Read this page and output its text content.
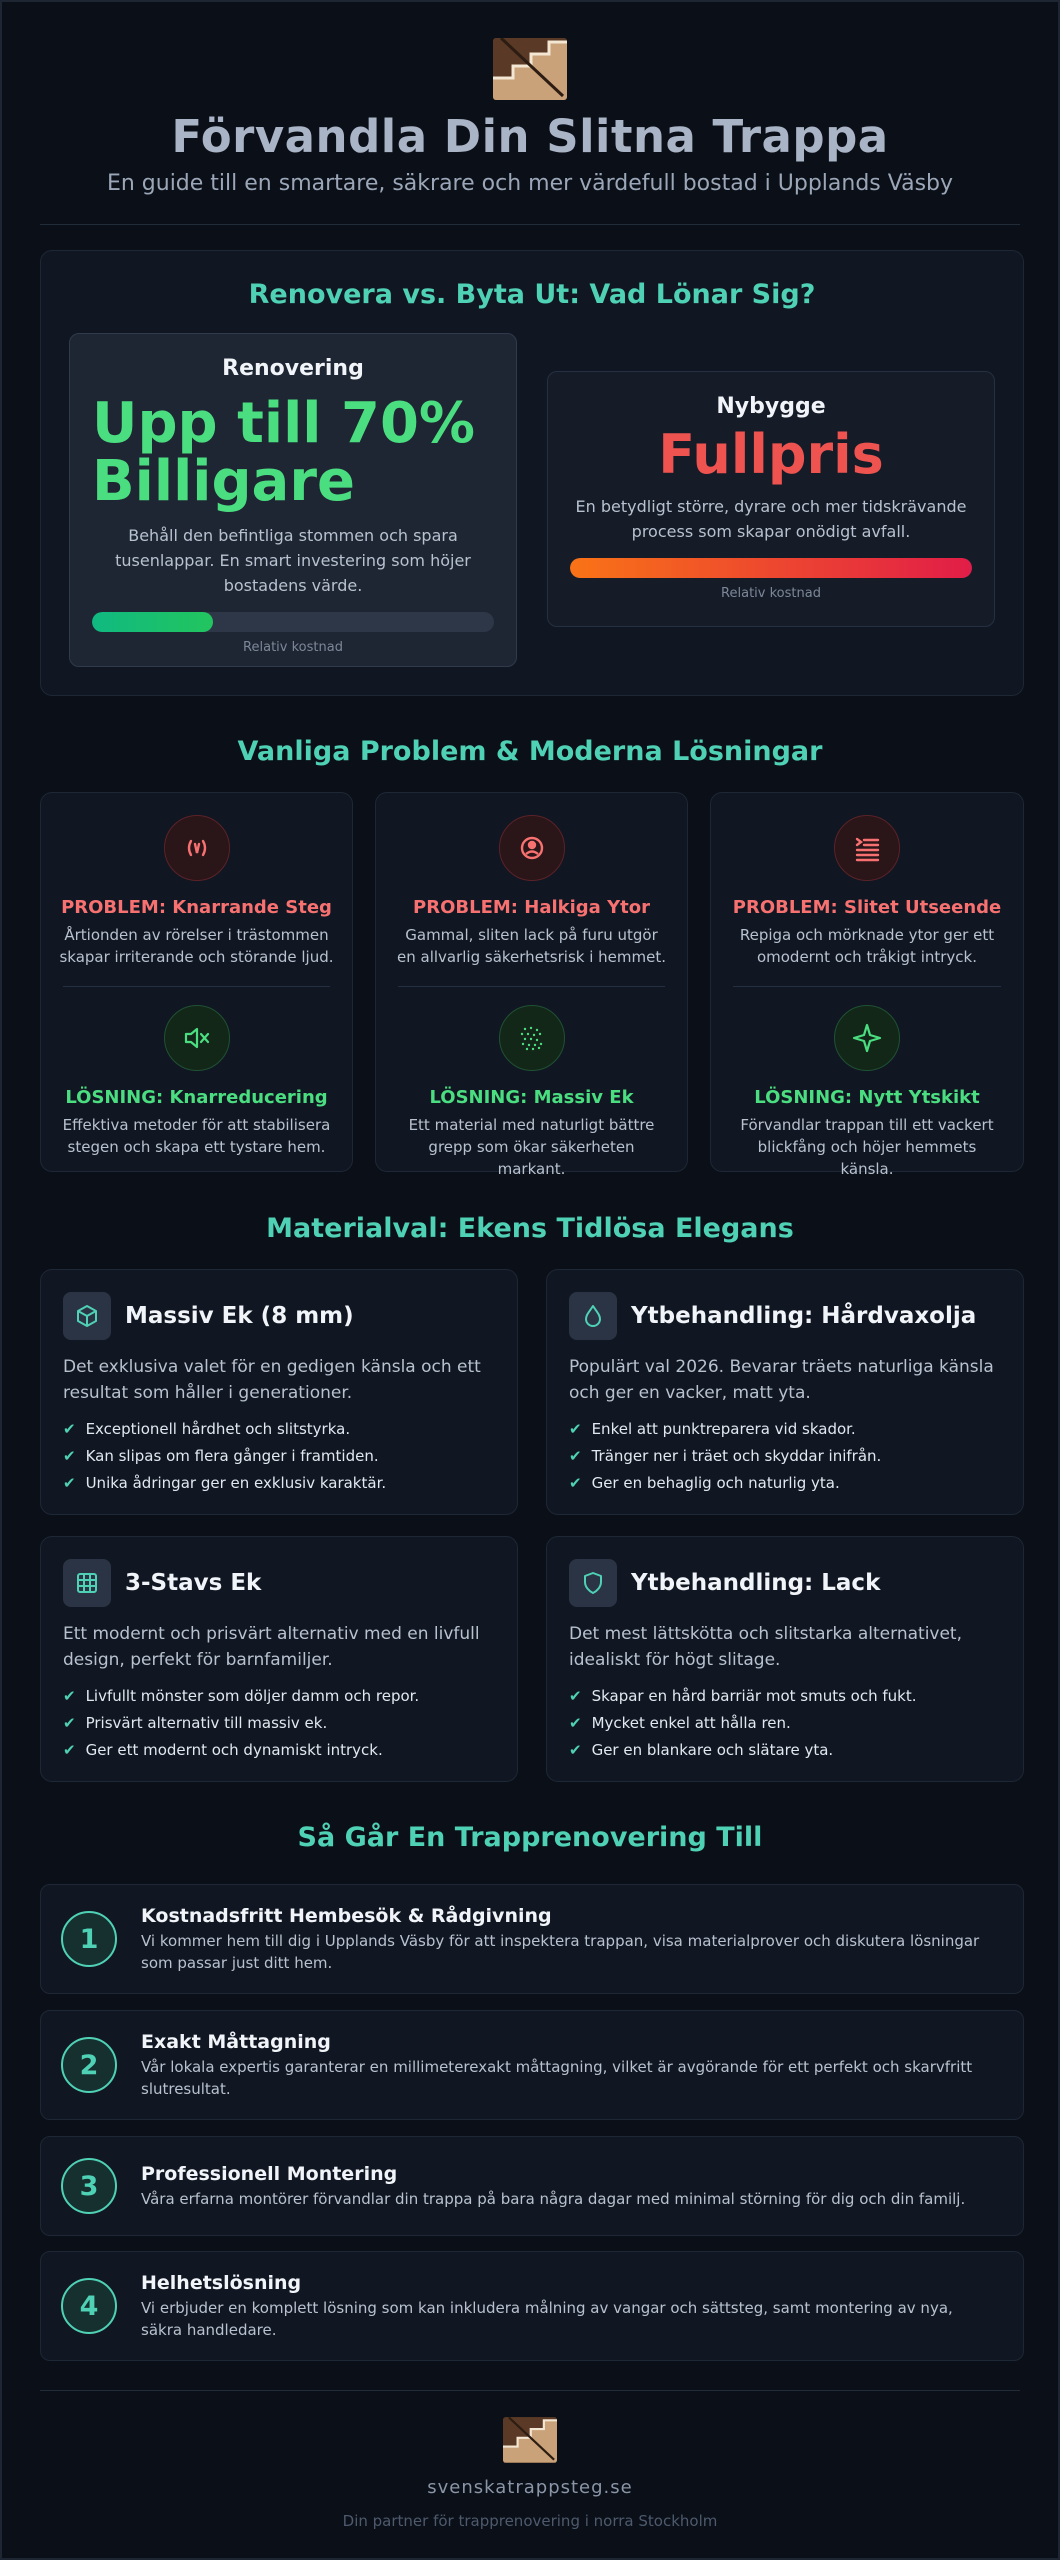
Förvandla Din Slitna Trappa
En guide till en smartare, säkrare och mer värdefull bostad i Upplands Väsby
Renovera vs. Byta Ut: Vad Lönar Sig?
Renovering
Upp till 70%
Billigare
Behåll den befintliga stommen och spara tusenlappar. En smart investering som höjer bostadens värde.
Relativ kostnad
Nybygge
Fullpris
En betydligt större, dyrare och mer tidskrävande process som skapar onödigt avfall.
Relativ kostnad
Vanliga Problem & Moderna Lösningar
PROBLEM: Knarrande Steg
Årtionden av rörelser i trästommen skapar irriterande och störande ljud.
LÖSNING: Knarreducering
Effektiva metoder för att stabilisera stegen och skapa ett tystare hem.
PROBLEM: Halkiga Ytor
Gammal, sliten lack på furu utgör en allvarlig säkerhetsrisk i hemmet.
LÖSNING: Massiv Ek
Ett material med naturligt bättre grepp som ökar säkerheten markant.
PROBLEM: Slitet Utseende
Repiga och mörknade ytor ger ett omodernt och tråkigt intryck.
LÖSNING: Nytt Ytskikt
Förvandlar trappan till ett vackert blickfång och höjer hemmets känsla.
Materialval: Ekens Tidlösa Elegans
Massiv Ek (8 mm)
Det exklusiva valet för en gedigen känsla och ett resultat som håller i generationer.
✔ Exceptionell hårdhet och slitstyrka.
✔ Kan slipas om flera gånger i framtiden.
✔ Unika ådringar ger en exklusiv karaktär.
Ytbehandling: Hårdvaxolja
Populärt val 2026. Bevarar träets naturliga känsla och ger en vacker, matt yta.
✔ Enkel att punktreparera vid skador.
✔ Tränger ner i träet och skyddar inifrån.
✔ Ger en behaglig och naturlig yta.
3-Stavs Ek
Ett modernt och prisvärt alternativ med en livfull design, perfekt för barnfamiljer.
✔ Livfullt mönster som döljer damm och repor.
✔ Prisvärt alternativ till massiv ek.
✔ Ger ett modernt och dynamiskt intryck.
Ytbehandling: Lack
Det mest lättskötta och slitstarka alternativet, idealiskt för högt slitage.
✔ Skapar en hård barriär mot smuts och fukt.
✔ Mycket enkel att hålla ren.
✔ Ger en blankare och slätare yta.
Så Går En Trapprenovering Till
1
Kostnadsfritt Hembesök & Rådgivning
Vi kommer hem till dig i Upplands Väsby för att inspektera trappan, visa materialprover och diskutera lösningar som passar just ditt hem.
2
Exakt Måttagning
Vår lokala expertis garanterar en millimeterexakt måttagning, vilket är avgörande för ett perfekt och skarvfritt slutresultat.
3	Professionell Montering
Våra erfarna montörer förvandlar din trappa på bara några dagar med minimal störning för dig och din familj.
4
Helhetslösning
Vi erbjuder en komplett lösning som kan inkludera målning av vangar och sättsteg, samt montering av nya, säkra handledare.
svenskatrappsteg.se
Din partner för trapprenovering i norra Stockholm
